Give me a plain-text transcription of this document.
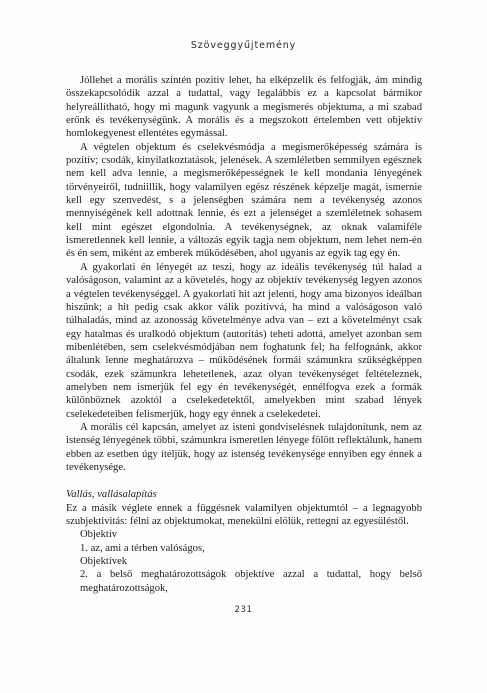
Szöveggyűjtemény

Jóllehet a morális szintén pozitív lehet, ha elképzelik és felfogják, ám mindig összekapcsolódik azzal a tudattal, vagy legalábbis ez a kapcsolat bármikor helyreállítható, hogy mi magunk vagyunk a megismerés objektuma, a mi szabad erőnk és tevékenységünk. A morális és a megszokott értelemben vett objektív homlokegyenest ellentétes egymással.

A végtelen objektum és cselekvésmódja a megismerőképesség számára is pozitív; csodák, kinyilatkoztatások, jelenések. A szemléletben semmilyen egésznek nem kell adva lennie, a megismerőképességnek le kell mondania lényegének törvényeiről, tudniillik, hogy valamilyen egész részének képzelje magát, ismernie kell egy szenvedést, s a jelenségben számára nem a tevékenység azonos mennyiségének kell adottnak lennie, és ezt a jelenséget a szemléletnek sohasem kell mint egészet elgondolnia. A tevékenységnek, az oknak valamiféle ismeretlennek kell lennie, a változás egyik tagja nem objektum, nem lehet nem-én és én sem, miként az emberek működésében, ahol ugyanis az egyik tag egy én.

A gyakorlati én lényegét az teszi, hogy az ideális tevékenység túl halad a valóságoson, valamint az a követelés, hogy az objektív tevékenység legyen azonos a végtelen tevékenységgel. A gyakorlati hit azt jelenti, hogy ama bizonyos ideálban hiszünk; a hit pedig csak akkor válik pozitívvá, ha mind a valóságoson való túlhaladás, mind az azonosság követelménye adva van – ezt a követelményt csak egy hatalmas és uralkodó objektum (autoritás) teheti adottá, amelyet azonban sem mibenlétében, sem cselekvésmódjában nem foghatunk fel; ha felfognánk, akkor általunk lenne meghatározva – működésének formái számunkra szükségképpen csodák, ezek számunkra lehetetlenek, azaz olyan tevékenységet feltételeznek, amelyben nem ismerjük fel egy én tevékenységét, ennélfogva ezek a formák különböznek azoktól a cselekedetektől, amelyekben mint szabad lények cselekedeteiben felismerjük, hogy egy énnek a cselekedetei.

A morális cél kapcsán, amelyet az isteni gondviselésnek tulajdonítunk, nem az istenség lényegének többi, számunkra ismeretlen lényege fölött reflektálunk, hanem ebben az esetben úgy ítéljük, hogy az istenség tevékenysége ennyiben egy énnek a tevékenysége.

Vallás, vallásalapítás

Ez a másik véglete ennek a függésnek valamilyen objektumtól – a legnagyobb szubjektivitás: félni az objektumokat, menekülni elölük, rettegni az egyesüléstől.

Objektív

1. az, ami a térben valóságos,

Objektívek

2. a belső meghatározottságok objektíve azzal a tudattal, hogy belső meghatározottságok,

231
